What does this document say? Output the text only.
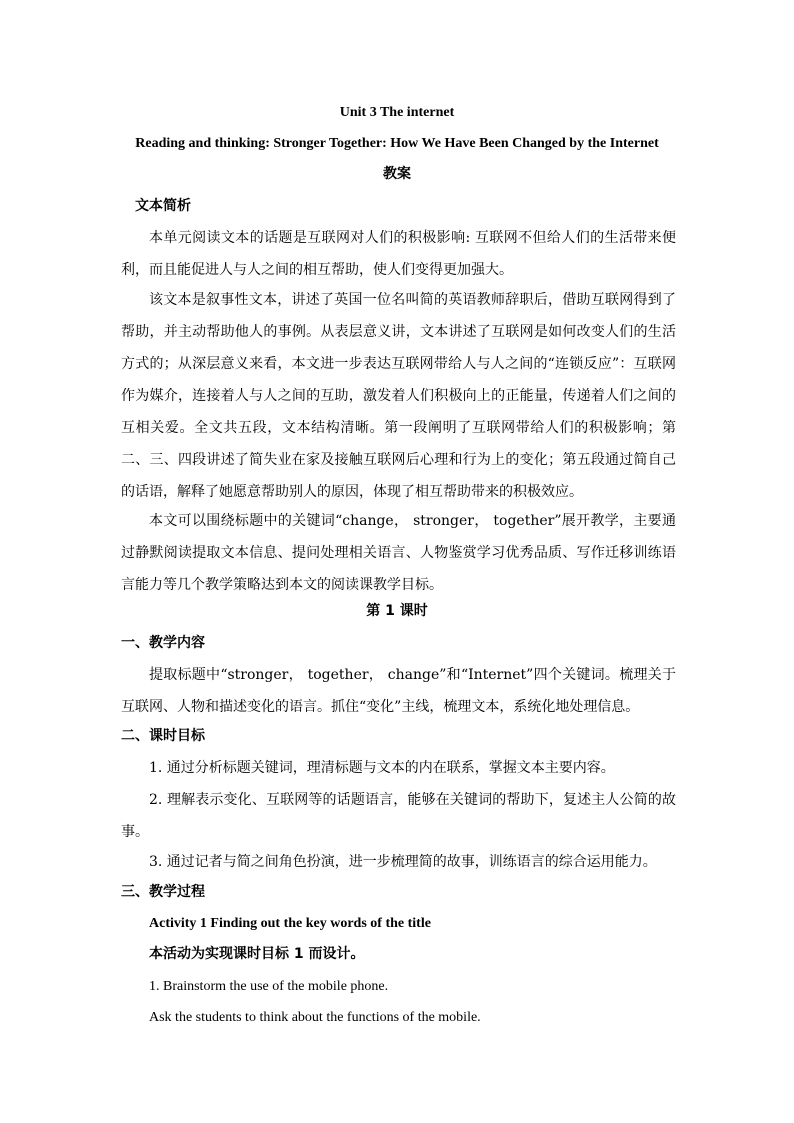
Unit 3 The internet
Reading and thinking: Stronger Together: How We Have Been Changed by the Internet
教案
文本简析
本单元阅读文本的话题是互联网对人们的积极影响: 互联网不但给人们的生活带来便利，而且能促进人与人之间的相互帮助，使人们变得更加强大。
该文本是叙事性文本，讲述了英国一位名叫简的英语教师辞职后，借助互联网得到了帮助，并主动帮助他人的事例。从表层意义讲，文本讲述了互联网是如何改变人们的生活方式的；从深层意义来看，本文进一步表达互联网带给人与人之间的“连锁反应”：互联网作为媒介，连接着人与人之间的互助，激发着人们积极向上的正能量，传递着人们之间的互相关爱。全文共五段，文本结构清晰。第一段阐明了互联网带给人们的积极影响；第二、三、四段讲述了简失业在家及接触互联网后心理和行为上的变化；第五段通过简自己的话语，解释了她愿意帮助别人的原因，体现了相互帮助带来的积极效应。
本文可以围绕标题中的关键词“change， stronger， together”展开教学，主要通过静默阅读提取文本信息、提问处理相关语言、人物鉴赏学习优秀品质、写作迁移训练语言能力等几个教学策略达到本文的阅读课教学目标。
第 1 课时
一、教学内容
提取标题中“stronger， together， change”和“Internet”四个关键词。梳理关于互联网、人物和描述变化的语言。抓住“变化”主线，梳理文本，系统化地处理信息。
二、课时目标
1. 通过分析标题关键词，理清标题与文本的内在联系，掌握文本主要内容。
2. 理解表示变化、互联网等的话题语言，能够在关键词的帮助下，复述主人公简的故事。
3. 通过记者与简之间角色扮演，进一步梳理简的故事，训练语言的综合运用能力。
三、教学过程
Activity 1 Finding out the key words of the title
本活动为实现课时目标 1 而设计。
1. Brainstorm the use of the mobile phone.
Ask the students to think about the functions of the mobile.
